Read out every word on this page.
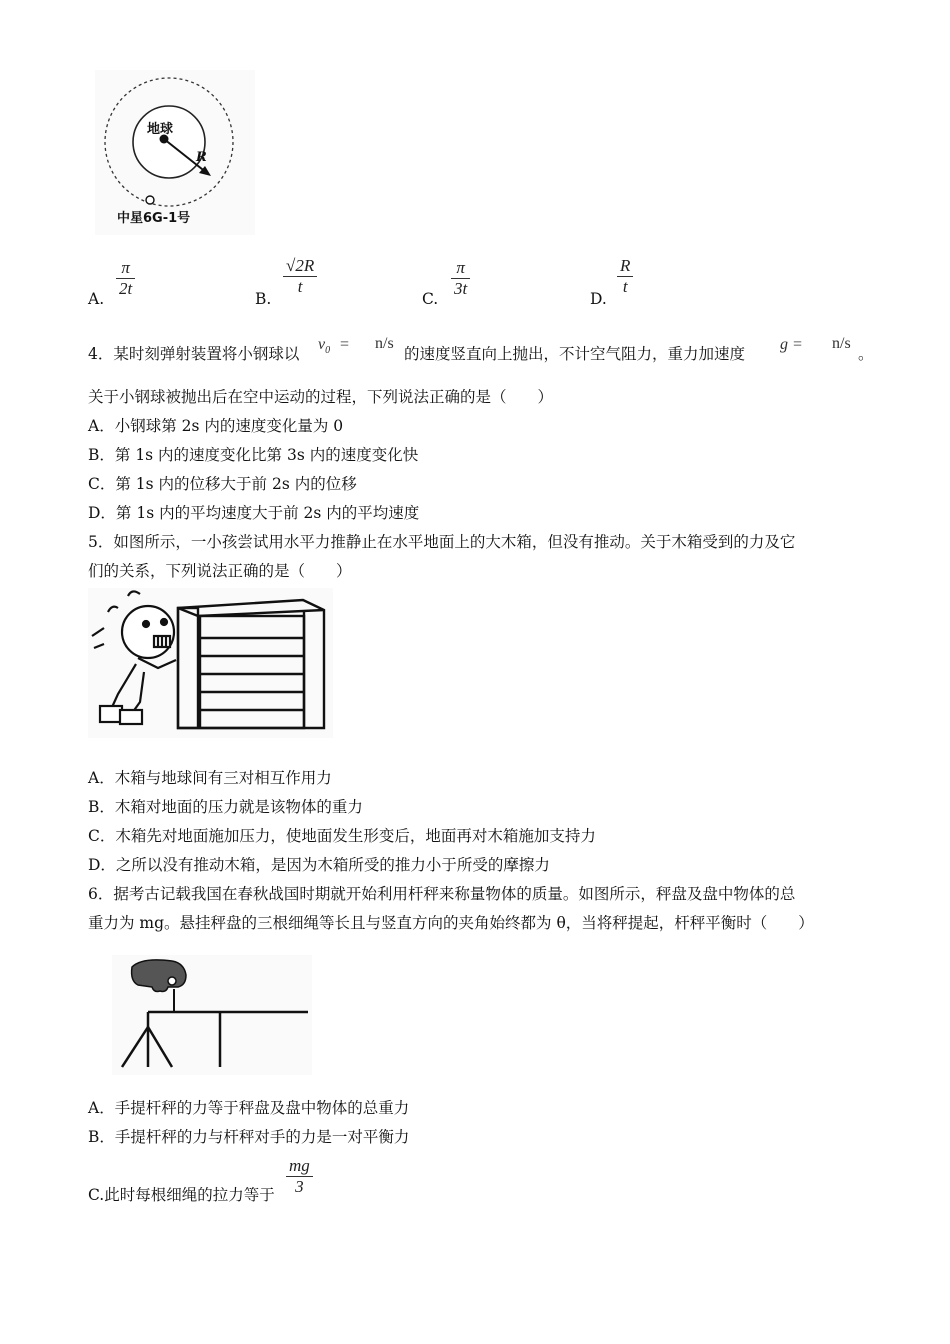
地球
R
中星6G-1号
A. $\frac{\pi}{2t}$	B.
$\frac{√2R}{t}$
C. $\frac{\pi}{3t}$	D.
$\frac{R}{t}$
4．某时刻弹射装置将小钢球以
$v_0 = n/s$
的速度竖直向上抛出，不计空气阻力，重力加速度
g = n/s
。
关于小钢球被抛出后在空中运动的过程，下列说法正确的是（　　）
A．小钢球第 2s 内的速度变化量为 0
B．第 1s 内的速度变化比第 3s 内的速度变化快
C．第 1s 内的位移大于前 2s 内的位移
D．第 1s 内的平均速度大于前 2s 内的平均速度
5．如图所示，一小孩尝试用水平力推静止在水平地面上的大木箱，但没有推动。关于木箱受到的力及它
们的关系，下列说法正确的是（　　）
A．木箱与地球间有三对相互作用力
B．木箱对地面的压力就是该物体的重力
C．木箱先对地面施加压力，使地面发生形变后，地面再对木箱施加支持力
D．之所以没有推动木箱，是因为木箱所受的推力小于所受的摩擦力
6．据考古记载我国在春秋战国时期就开始利用杆秤来称量物体的质量。如图所示，秤盘及盘中物体的总
重力为 mg。悬挂秤盘的三根细绳等长且与竖直方向的夹角始终都为 θ，当将秤提起，杆秤平衡时（　　）
A．手提杆秤的力等于秤盘及盘中物体的总重力
B．手提杆秤的力与杆秤对手的力是一对平衡力
C.此时每根细绳的拉力等于 $\frac{mg}{3}$
